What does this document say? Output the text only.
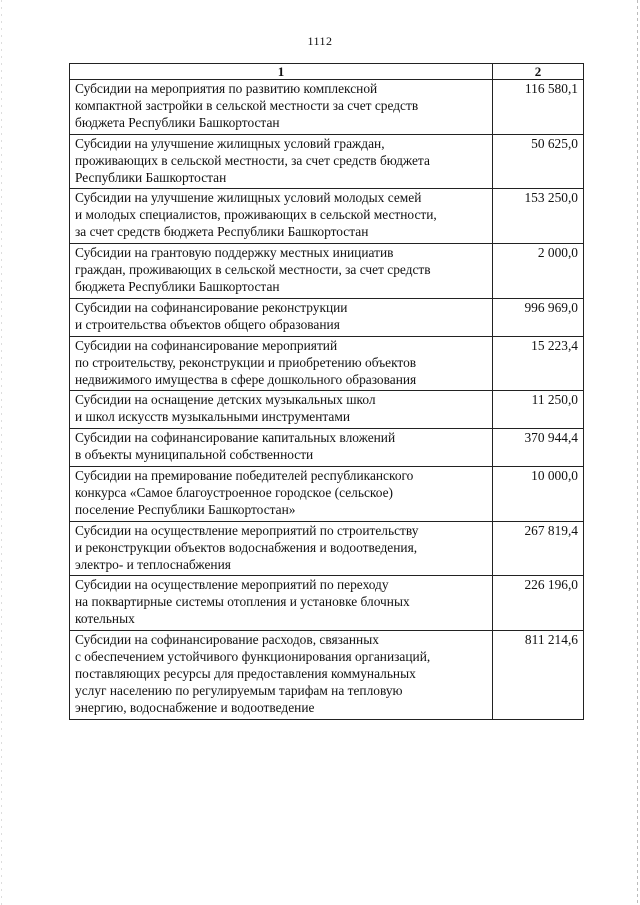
1112
1	2

Субсидии на мероприятия по развитию комплексной
компактной застройки в сельской местности за счет средств
бюджета Республики Башкортостан	116 580,1

Субсидии на улучшение жилищных условий граждан,
проживающих в сельской местности, за счет средств бюджета
Республики Башкортостан	50 625,0

Субсидии на улучшение жилищных условий молодых семей
и молодых специалистов, проживающих в сельской местности,
за счет средств бюджета Республики Башкортостан	153 250,0

Субсидии на грантовую поддержку местных инициатив
граждан, проживающих в сельской местности, за счет средств
бюджета Республики Башкортостан	2 000,0

Субсидии на софинансирование реконструкции
и строительства объектов общего образования	996 969,0

Субсидии на софинансирование мероприятий
по строительству, реконструкции и приобретению объектов
недвижимого имущества в сфере дошкольного образования	15 223,4

Субсидии на оснащение детских музыкальных школ
и школ искусств музыкальными инструментами	11 250,0

Субсидии на софинансирование капитальных вложений
в объекты муниципальной собственности	370 944,4

Субсидии на премирование победителей республиканского
конкурса «Самое благоустроенное городское (сельское)
поселение Республики Башкортостан»	10 000,0

Субсидии на осуществление мероприятий по строительству
и реконструкции объектов водоснабжения и водоотведения,
электро- и теплоснабжения	267 819,4

Субсидии на осуществление мероприятий по переходу
на поквартирные системы отопления и установке блочных
котельных	226 196,0

Субсидии на софинансирование расходов, связанных
с обеспечением устойчивого функционирования организаций,
поставляющих ресурсы для предоставления коммунальных
услуг населению по регулируемым тарифам на тепловую
энергию, водоснабжение и водоотведение	811 214,6
